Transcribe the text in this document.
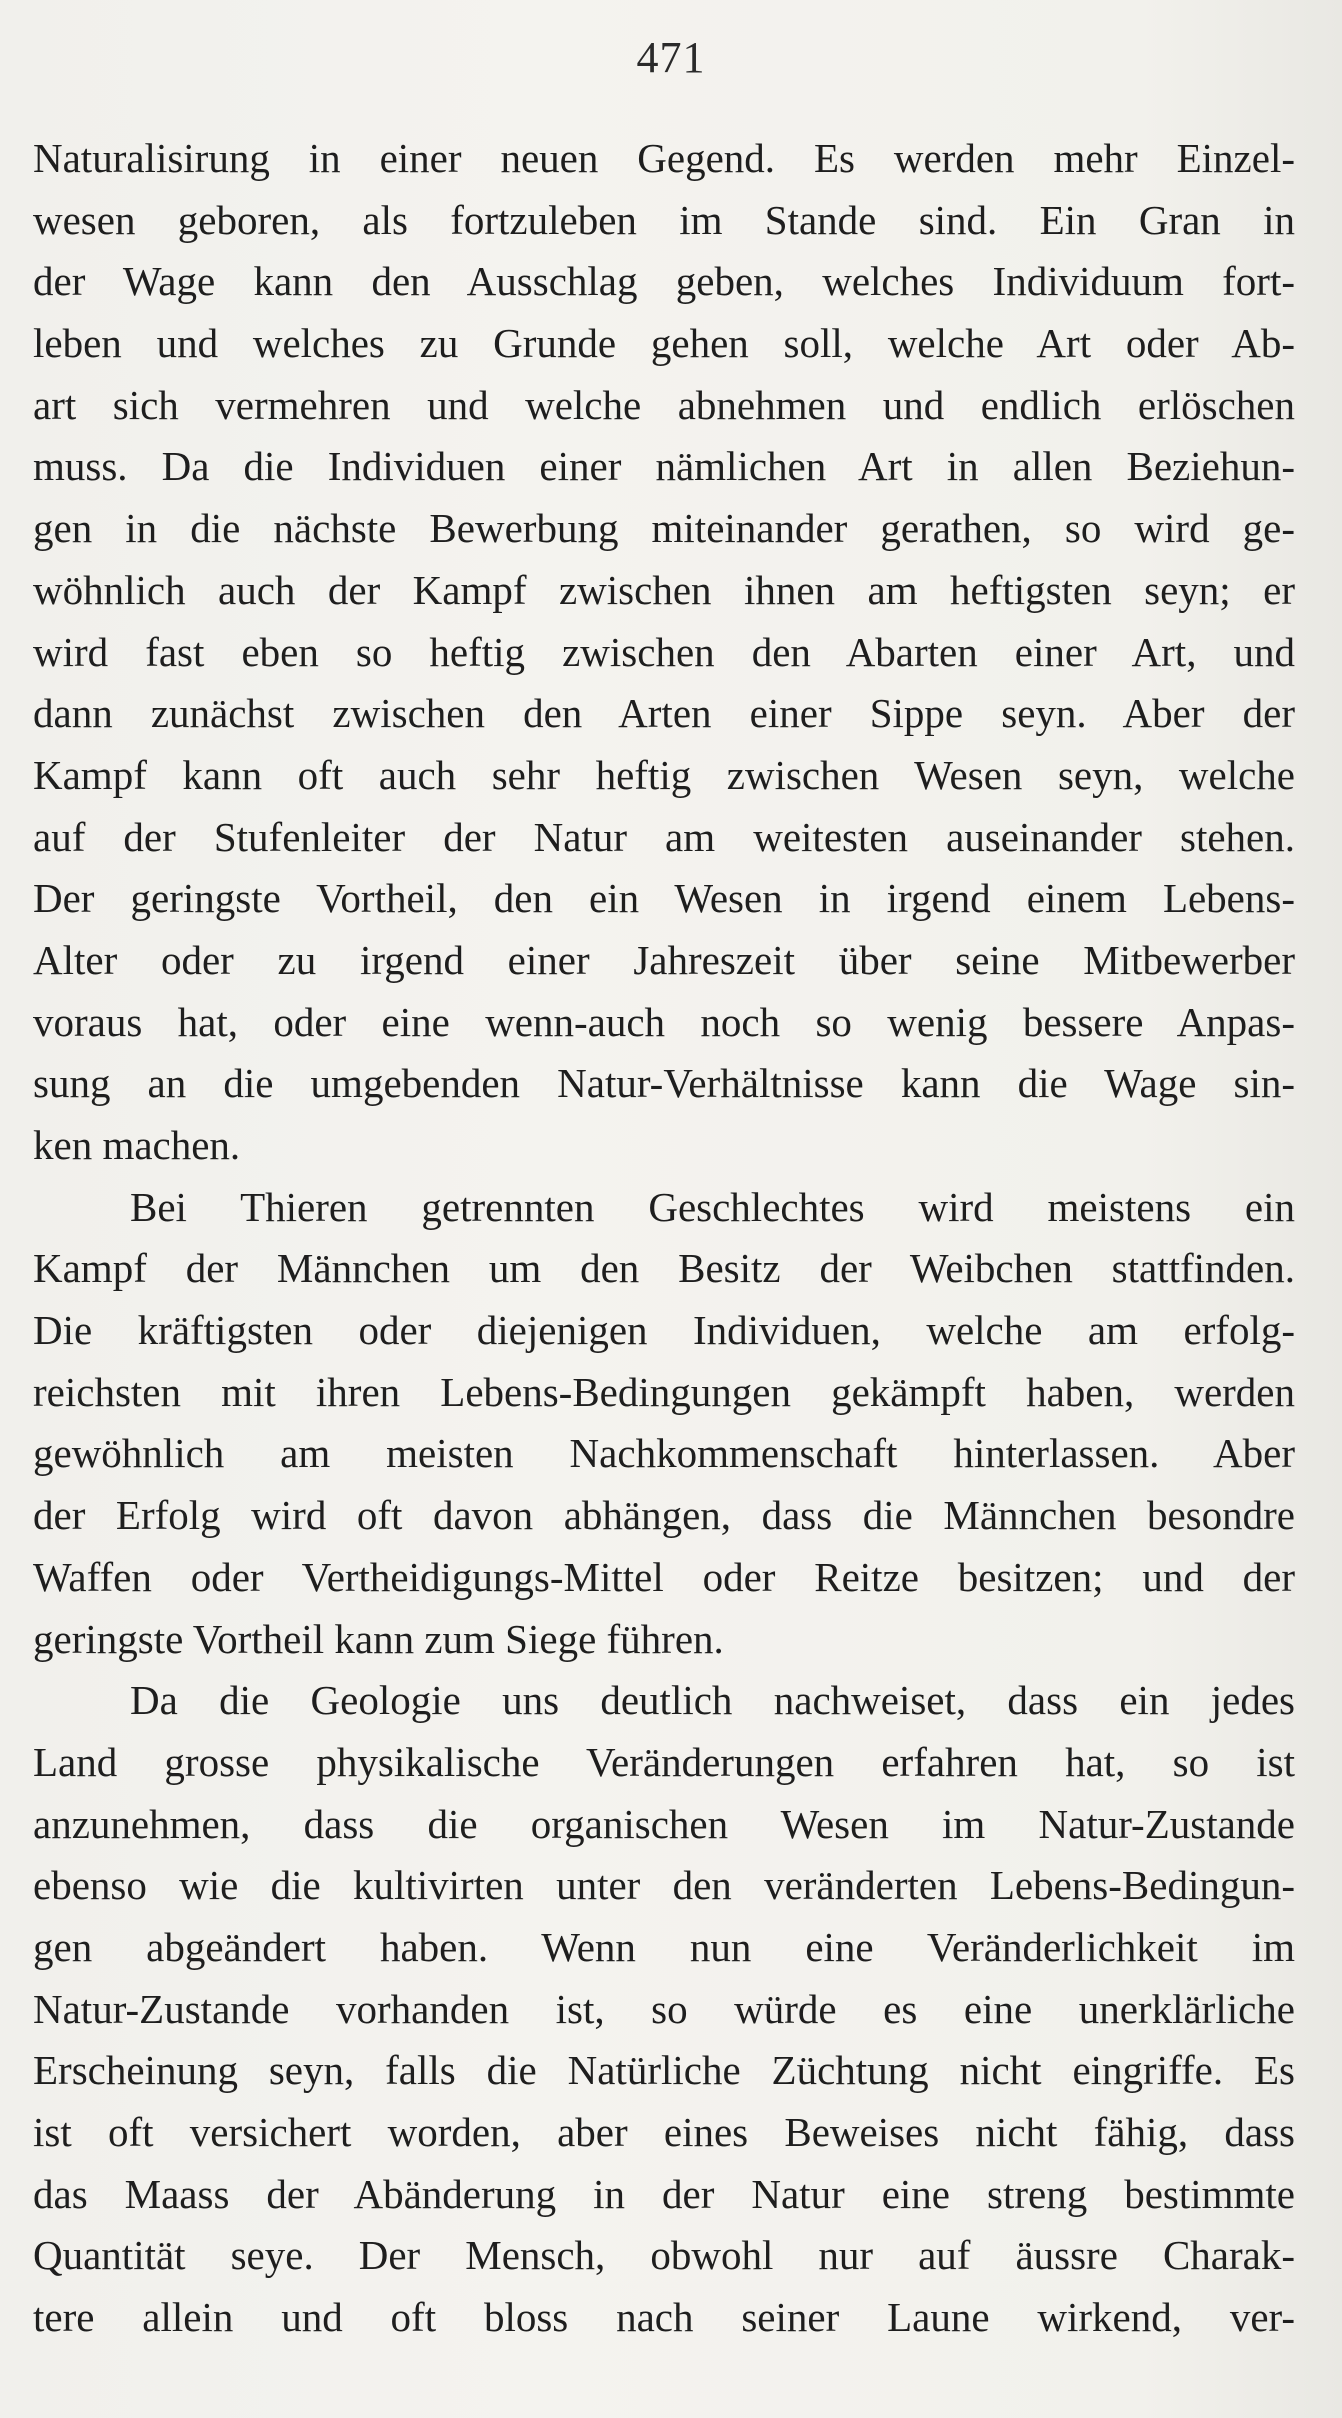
471
Naturalisirung in einer neuen Gegend. Es werden mehr Einzel-
wesen geboren, als fortzuleben im Stande sind. Ein Gran in
der Wage kann den Ausschlag geben, welches Individuum fort-
leben und welches zu Grunde gehen soll, welche Art oder Ab-
art sich vermehren und welche abnehmen und endlich erlöschen
muss. Da die Individuen einer nämlichen Art in allen Beziehun-
gen in die nächste Bewerbung miteinander gerathen, so wird ge-
wöhnlich auch der Kampf zwischen ihnen am heftigsten seyn; er
wird fast eben so heftig zwischen den Abarten einer Art, und
dann zunächst zwischen den Arten einer Sippe seyn. Aber der
Kampf kann oft auch sehr heftig zwischen Wesen seyn, welche
auf der Stufenleiter der Natur am weitesten auseinander stehen.
Der geringste Vortheil, den ein Wesen in irgend einem Lebens-
Alter oder zu irgend einer Jahreszeit über seine Mitbewerber
voraus hat, oder eine wenn-auch noch so wenig bessere Anpas-
sung an die umgebenden Natur-Verhältnisse kann die Wage sin-
ken machen.
Bei Thieren getrennten Geschlechtes wird meistens ein
Kampf der Männchen um den Besitz der Weibchen stattfinden.
Die kräftigsten oder diejenigen Individuen, welche am erfolg-
reichsten mit ihren Lebens-Bedingungen gekämpft haben, werden
gewöhnlich am meisten Nachkommenschaft hinterlassen. Aber
der Erfolg wird oft davon abhängen, dass die Männchen besondre
Waffen oder Vertheidigungs-Mittel oder Reitze besitzen; und der
geringste Vortheil kann zum Siege führen.
Da die Geologie uns deutlich nachweiset, dass ein jedes
Land grosse physikalische Veränderungen erfahren hat, so ist
anzunehmen, dass die organischen Wesen im Natur-Zustande
ebenso wie die kultivirten unter den veränderten Lebens-Bedingun-
gen abgeändert haben. Wenn nun eine Veränderlichkeit im
Natur-Zustande vorhanden ist, so würde es eine unerklärliche
Erscheinung seyn, falls die Natürliche Züchtung nicht eingriffe. Es
ist oft versichert worden, aber eines Beweises nicht fähig, dass
das Maass der Abänderung in der Natur eine streng bestimmte
Quantität seye. Der Mensch, obwohl nur auf äussre Charak-
tere allein und oft bloss nach seiner Laune wirkend, ver-
